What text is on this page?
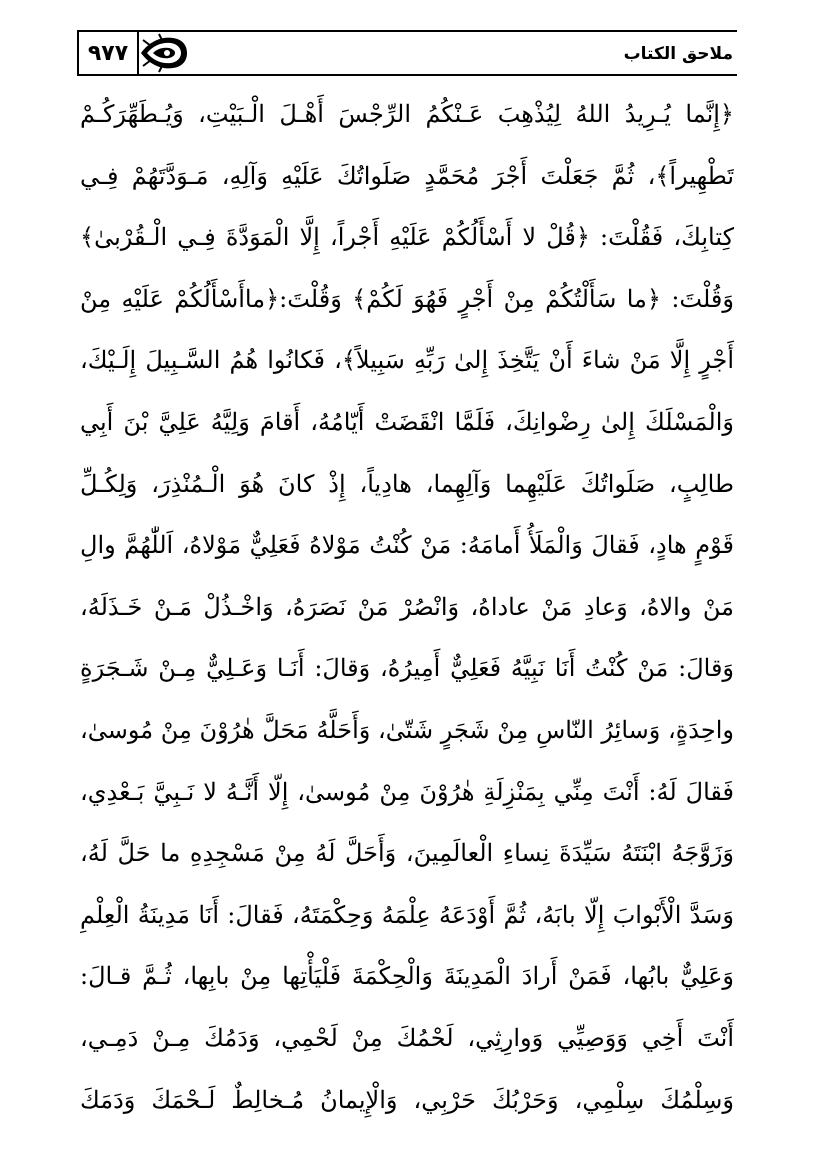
٩٧٧	ملاحق الكتاب
﴿إِنَّما يُـرِيدُ اللهُ لِيُذْهِبَ عَـنْكُمُ الرِّجْسَ أَهْـلَ الْـبَيْتِ، وَيُـطَهِّرَكُـمْ
تَطْهِيراً﴾، ثُمَّ جَعَلْتَ أَجْرَ مُحَمَّدٍ صَلَواتُكَ عَلَيْهِ وَآلِهِ، مَـوَدَّتَهُمْ فِـي
كِتابِكَ، فَقُلْتَ: ﴿قُلْ لا أَسْأَلُكُمْ عَلَيْهِ أَجْراً، إِلَّا الْمَوَدَّةَ فِـي الْـقُرْبىٰ﴾
وَقُلْتَ: ﴿ما سَأَلْتُكُمْ مِنْ أَجْرٍ فَهُوَ لَكُمْ﴾ وَقُلْتَ:﴿ماأَسْأَلُكُمْ عَلَيْهِ مِنْ
أَجْرٍ إِلَّا مَنْ شاءَ أَنْ يَتَّخِذَ إِلىٰ رَبِّهِ سَبِيلاً﴾، فَكانُوا هُمُ السَّـبِيلَ إِلَـيْكَ،
وَالْمَسْلَكَ إِلىٰ رِضْوانِكَ، فَلَمَّا انْقَضَتْ أَيّامُهُ، أَقامَ وَلِيَّهُ عَلِيَّ بْنَ أَبِي
طالِبٍ، صَلَواتُكَ عَلَيْهِما وَآلِهِما، هادِياً، إِذْ كانَ هُوَ الْـمُنْذِرَ، وَلِكُـلِّ
قَوْمٍ هادٍ، فَقالَ وَالْمَلَأُ أَمامَهُ: مَنْ كُنْتُ مَوْلاهُ فَعَلِيٌّ مَوْلاهُ، اَللّٰهُمَّ والِ
مَنْ والاهُ، وَعادِ مَنْ عاداهُ، وَانْصُرْ مَنْ نَصَرَهُ، وَاخْـذُلْ مَـنْ خَـذَلَهُ،
وَقالَ: مَنْ كُنْتُ أَنَا نَبِيَّهُ فَعَلِيٌّ أَمِيرُهُ، وَقالَ: أَنَـا وَعَـلِيٌّ مِـنْ شَـجَرَةٍ
واحِدَةٍ، وَسائِرُ النّاسِ مِنْ شَجَرٍ شَتّىٰ، وَأَحَلَّهُ مَحَلَّ هٰرُوْنَ مِنْ مُوسىٰ،
فَقالَ لَهُ: أَنْتَ مِنِّي بِمَنْزِلَةِ هٰرُوْنَ مِنْ مُوسىٰ، إِلّا أَنَّـهُ لا نَـبِيَّ بَـعْدِي،
وَزَوَّجَهُ ابْنَتَهُ سَيِّدَةَ نِساءِ الْعالَمِينَ، وَأَحَلَّ لَهُ مِنْ مَسْجِدِهِ ما حَلَّ لَهُ،
وَسَدَّ الْأَبْوابَ إِلّا بابَهُ، ثُمَّ أَوْدَعَهُ عِلْمَهُ وَحِكْمَتَهُ، فَقالَ: أَنَا مَدِينَةُ الْعِلْمِ
وَعَلِيٌّ بابُها، فَمَنْ أَرادَ الْمَدِينَةَ وَالْحِكْمَةَ فَلْيَأْتِها مِنْ بابِها، ثُـمَّ قـالَ:
أَنْتَ أَخِي وَوَصِيِّي وَوارِثِي، لَحْمُكَ مِنْ لَحْمِي، وَدَمُكَ مِـنْ دَمِـي،
وَسِلْمُكَ سِلْمِي، وَحَرْبُكَ حَرْبِي، وَالْإِيمانُ مُـخالِطٌ لَـحْمَكَ وَدَمَكَ
